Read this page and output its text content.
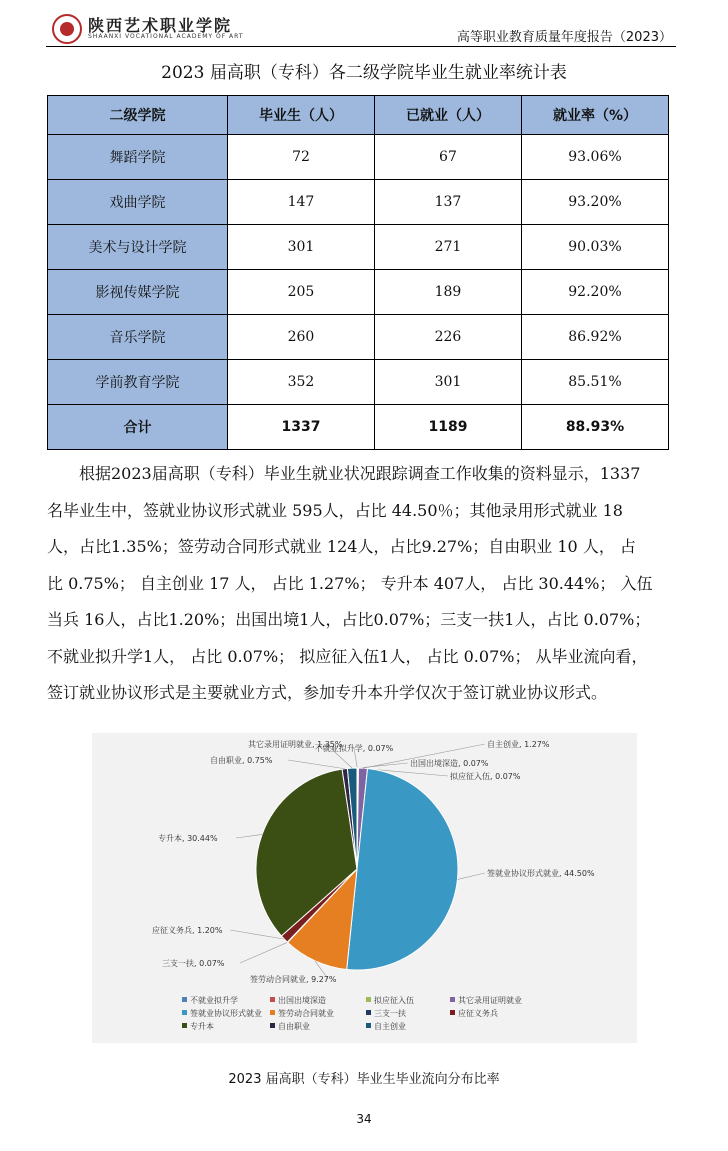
陕西艺术职业学院
SHAANXI VOCATIONAL ACADEMY OF ART	高等职业教育质量年度报告（2023）
2023 届高职（专科）各二级学院毕业生就业率统计表
二级学院	毕业生（人）	已就业（人）	就业率（%）
舞蹈学院	72	67	93.06%
戏曲学院	147	137	93.20%
美术与设计学院	301	271	90.03%
影视传媒学院	205	189	92.20%
音乐学院	260	226	86.92%
学前教育学院	352	301	85.51%
合计	1337	1189	88.93%
　　根据2023届高职（专科）毕业生就业状况跟踪调查工作收集的资料显示，1337
名毕业生中，签就业协议形式就业 595人，占比 44.50％；其他录用形式就业 18
人，占比1.35%；签劳动合同形式就业 124人，占比9.27%；自由职业 10 人， 占
比 0.75%； 自主创业 17 人， 占比 1.27%； 专升本 407人， 占比 30.44%； 入伍
当兵 16人，占比1.20%；出国出境1人，占比0.07%；三支一扶1人，占比 0.07%；
不就业拟升学1人， 占比 0.07%； 拟应征入伍1人， 占比 0.07%； 从毕业流向看，
签订就业协议形式是主要就业方式，参加专升本升学仅次于签订就业协议形式。
不就业拟升学, 0.07%
出国出境深造, 0.07%
拟应征入伍, 0.07%
自主创业, 1.27%
签就业协议形式就业, 44.50%
签劳动合同就业, 9.27%
三支一扶, 0.07%
应征义务兵, 1.20%
专升本, 30.44%
自由职业, 0.75%
其它录用证明就业, 1.35%
不就业拟升学	出国出境深造	拟应征入伍	其它录用证明就业
签就业协议形式就业 签劳动合同就业	三支一扶	应征义务兵
专升本	自由职业	自主创业
2023 届高职（专科）毕业生毕业流向分布比率
34
